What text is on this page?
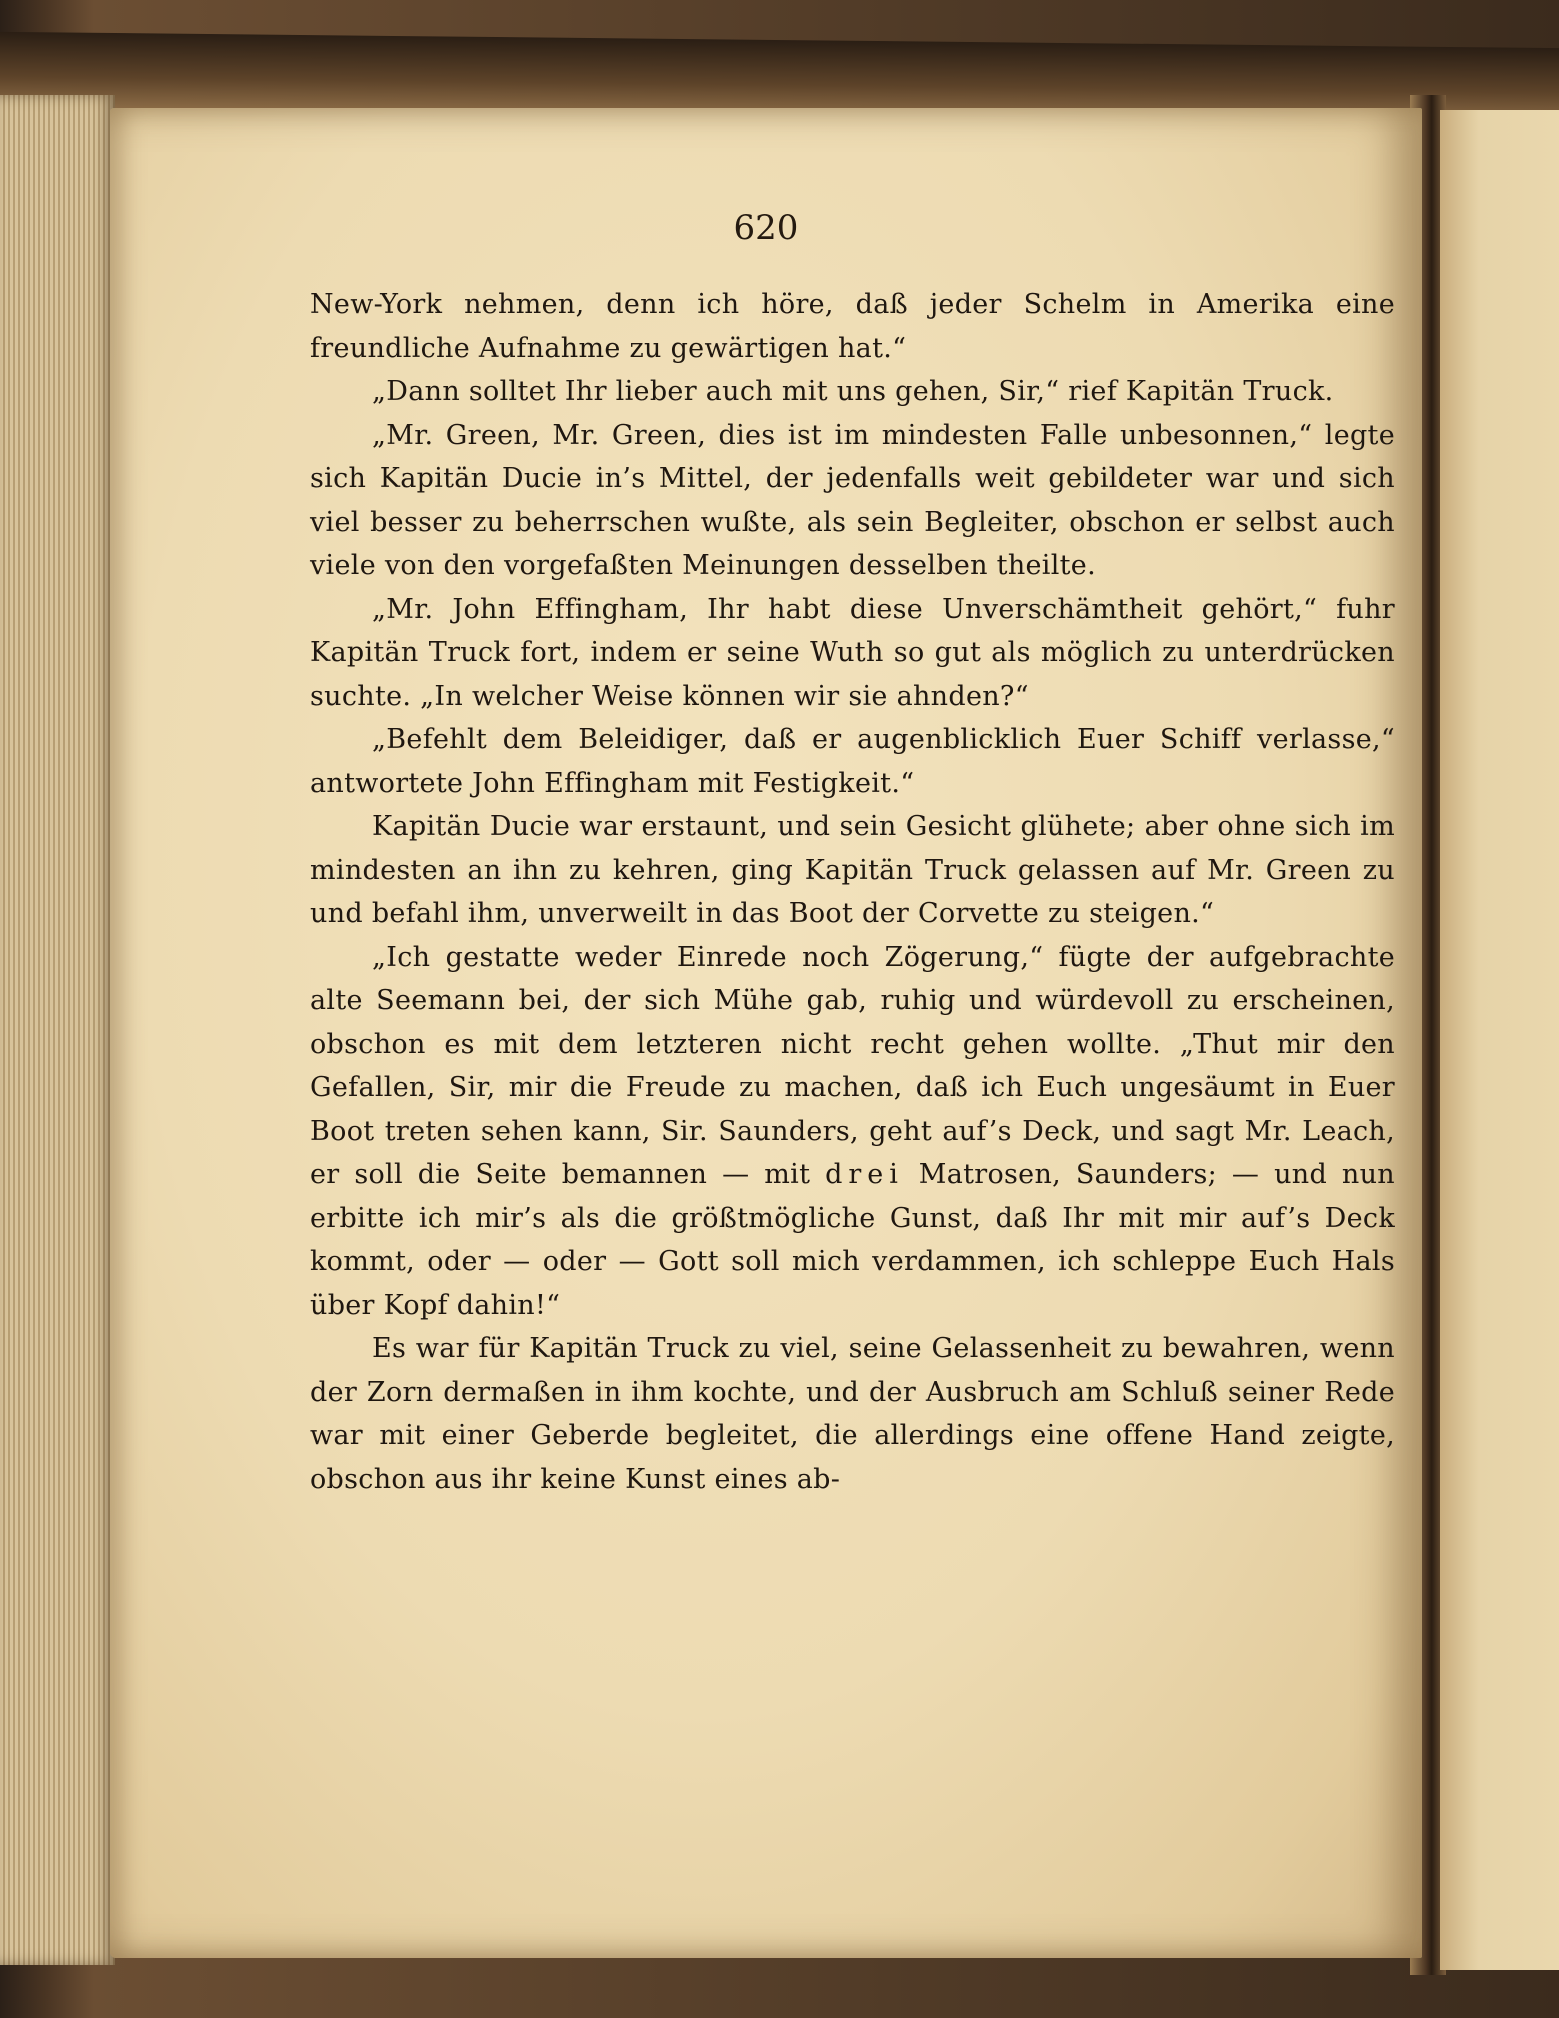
620

New-York nehmen, denn ich höre, daß jeder Schelm in Amerika eine freundliche Aufnahme zu gewärtigen hat.“

„Dann solltet Ihr lieber auch mit uns gehen, Sir,“ rief Kapitän Truck.

„Mr. Green, Mr. Green, dies ist im mindesten Falle unbesonnen,“ legte sich Kapitän Ducie in’s Mittel, der jedenfalls weit gebildeter war und sich viel besser zu beherrschen wußte, als sein Begleiter, obschon er selbst auch viele von den vorgefaßten Meinungen desselben theilte.

„Mr. John Effingham, Ihr habt diese Unverschämtheit gehört,“ fuhr Kapitän Truck fort, indem er seine Wuth so gut als möglich zu unterdrücken suchte. „In welcher Weise können wir sie ahnden?“

„Befehlt dem Beleidiger, daß er augenblicklich Euer Schiff verlasse,“ antwortete John Effingham mit Festigkeit.“

Kapitän Ducie war erstaunt, und sein Gesicht glühete; aber ohne sich im mindesten an ihn zu kehren, ging Kapitän Truck gelassen auf Mr. Green zu und befahl ihm, unverweilt in das Boot der Corvette zu steigen.“

„Ich gestatte weder Einrede noch Zögerung,“ fügte der aufgebrachte alte Seemann bei, der sich Mühe gab, ruhig und würdevoll zu erscheinen, obschon es mit dem letzteren nicht recht gehen wollte. „Thut mir den Gefallen, Sir, mir die Freude zu machen, daß ich Euch ungesäumt in Euer Boot treten sehen kann, Sir. Saunders, geht auf’s Deck, und sagt Mr. Leach, er soll die Seite bemannen — mit drei Matrosen, Saunders; — und nun erbitte ich mir’s als die größtmögliche Gunst, daß Ihr mit mir auf’s Deck kommt, oder — oder — Gott soll mich verdammen, ich schleppe Euch Hals über Kopf dahin!“

Es war für Kapitän Truck zu viel, seine Gelassenheit zu bewahren, wenn der Zorn dermaßen in ihm kochte, und der Ausbruch am Schluß seiner Rede war mit einer Geberde begleitet, die allerdings eine offene Hand zeigte, obschon aus ihr keine Kunst eines ab-
